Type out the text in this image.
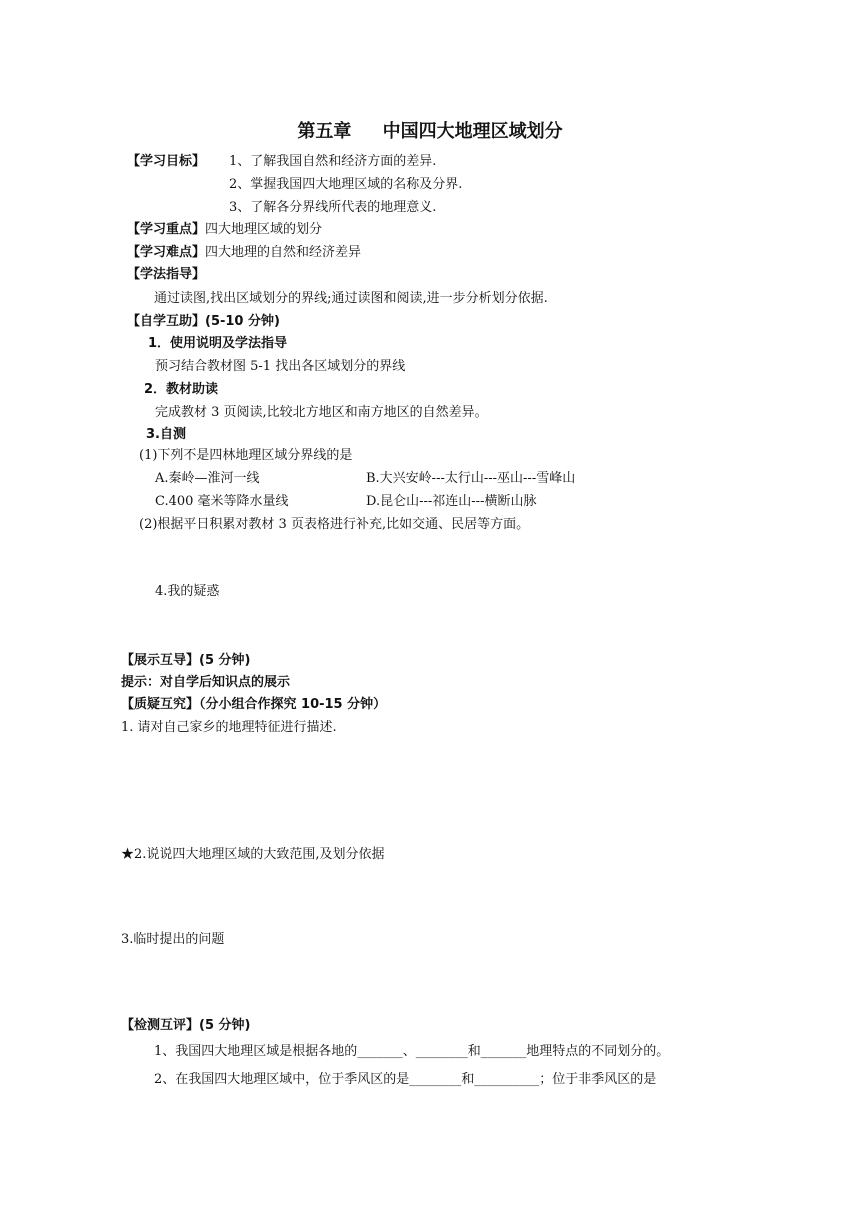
第五章     中国四大地理区域划分
【学习目标】 1、了解我国自然和经济方面的差异.
2、掌握我国四大地理区域的名称及分界.
3、了解各分界线所代表的地理意义.
【学习重点】四大地理区域的划分
【学习难点】四大地理的自然和经济差异
【学法指导】
通过读图,找出区域划分的界线;通过读图和阅读,进一步分析划分依据.
【自学互助】(5-10 分钟)
1．使用说明及学法指导
预习结合教材图 5-1 找出各区域划分的界线
2．教材助读
完成教材 3 页阅读,比较北方地区和南方地区的自然差异。
3.自测
(1)下列不是四林地理区域分界线的是
A.秦岭—淮河一线	B.大兴安岭---太行山---巫山---雪峰山
C.400 毫米等降水量线	D.昆仑山---祁连山---横断山脉
(2)根据平日积累对教材 3 页表格进行补充,比如交通、民居等方面。
4.我的疑惑
【展示互导】(5 分钟)
提示：对自学后知识点的展示
【质疑互究】（分小组合作探究 10-15 分钟）
1. 请对自己家乡的地理特征进行描述.
★2.说说四大地理区域的大致范围,及划分依据
3.临时提出的问题
【检测互评】(5 分钟)
1、我国四大地理区域是根据各地的_______、________和_______地理特点的不同划分的。
2、在我国四大地理区域中，位于季风区的是________和__________；位于非季风区的是
